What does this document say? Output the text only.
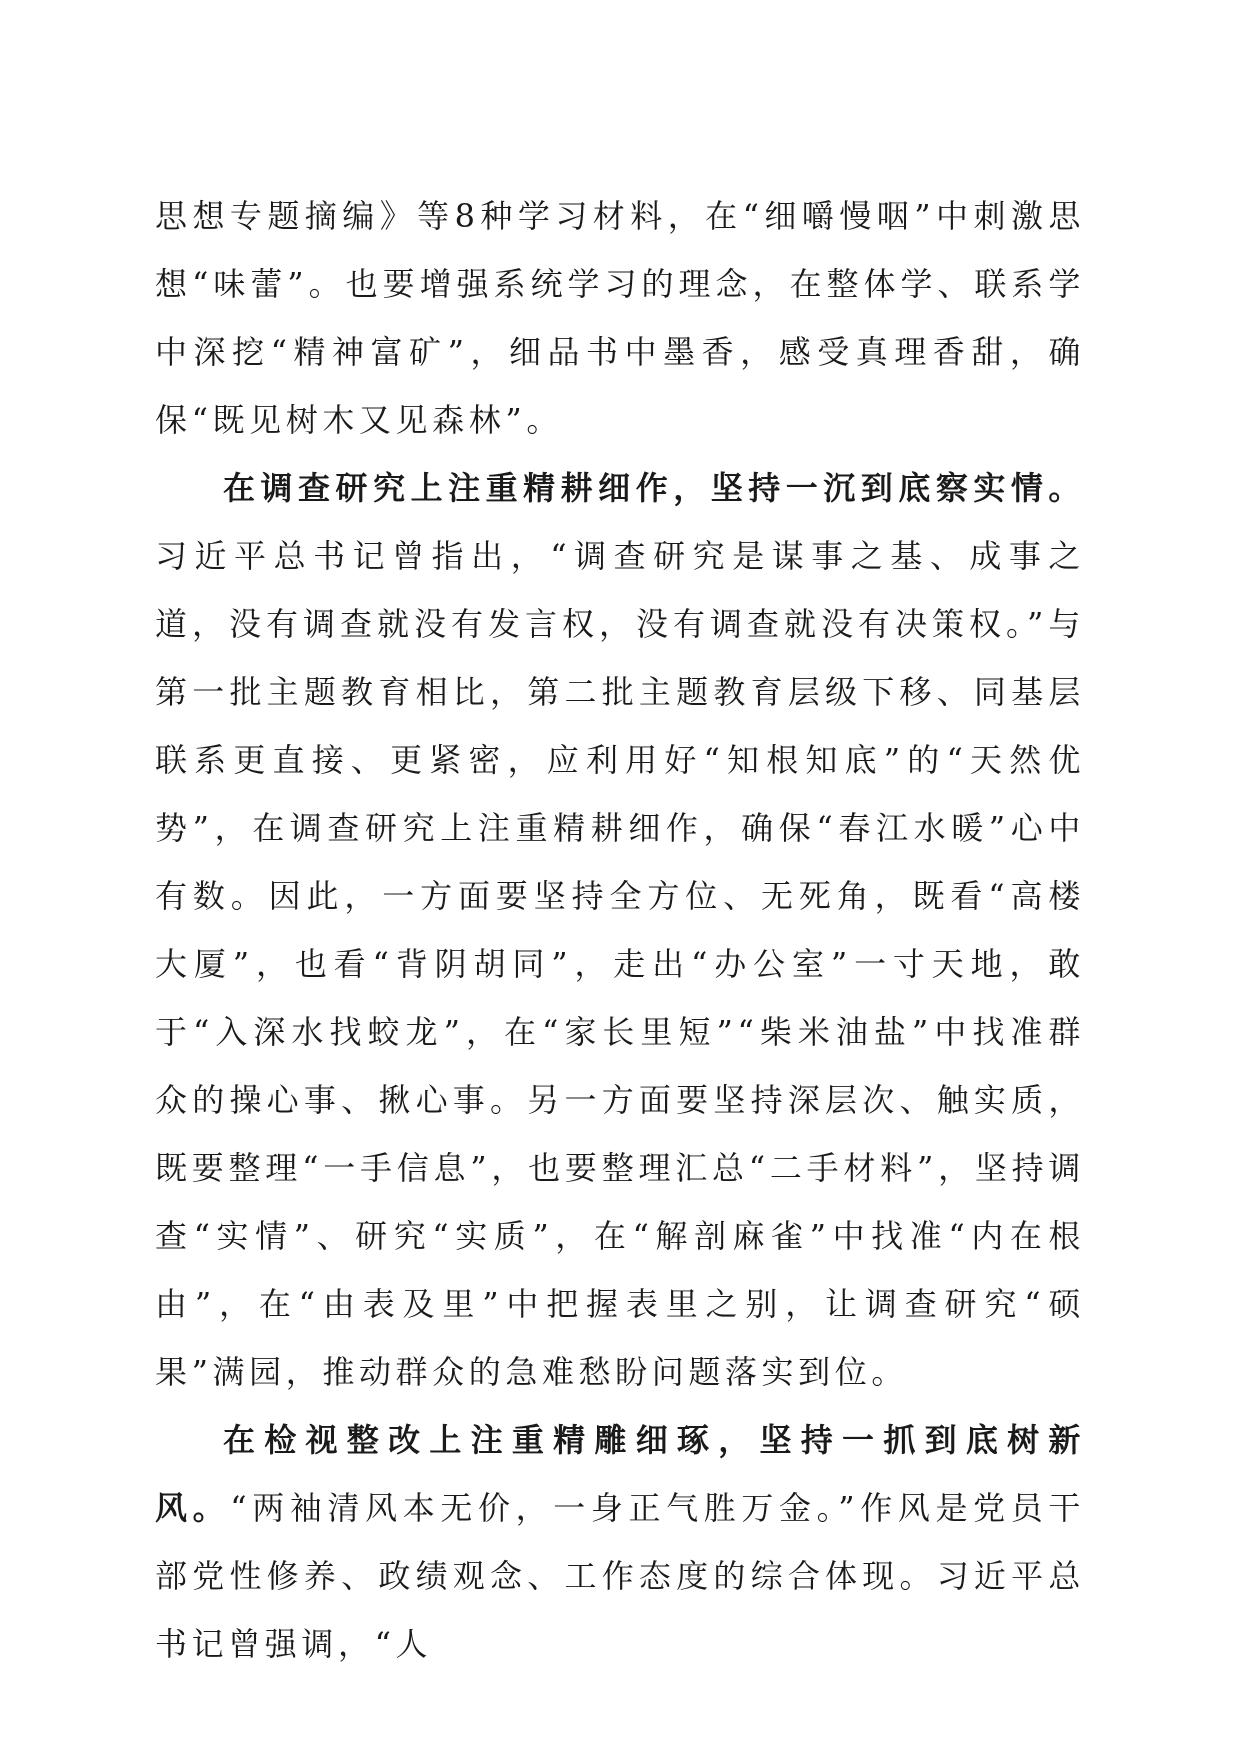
思想专题摘编》等8种学习材料，在“细嚼慢咽”中刺激思想“味蕾”。也要增强系统学习的理念，在整体学、联系学中深挖“精神富矿”，细品书中墨香，感受真理香甜，确保“既见树木又见森林”。

在调查研究上注重精耕细作，坚持一沉到底察实情。习近平总书记曾指出，“调查研究是谋事之基、成事之道，没有调查就没有发言权，没有调查就没有决策权。”与第一批主题教育相比，第二批主题教育层级下移、同基层联系更直接、更紧密，应利用好“知根知底”的“天然优势”，在调查研究上注重精耕细作，确保“春江水暖”心中有数。因此，一方面要坚持全方位、无死角，既看“高楼大厦”，也看“背阴胡同”，走出“办公室”一寸天地，敢于“入深水找蛟龙”，在“家长里短”“柴米油盐”中找准群众的操心事、揪心事。另一方面要坚持深层次、触实质，既要整理“一手信息”，也要整理汇总“二手材料”，坚持调查“实情”、研究“实质”，在“解剖麻雀”中找准“内在根由”，在“由表及里”中把握表里之别，让调查研究“硕果”满园，推动群众的急难愁盼问题落实到位。

在检视整改上注重精雕细琢，坚持一抓到底树新风。“两袖清风本无价，一身正气胜万金。”作风是党员干部党性修养、政绩观念、工作态度的综合体现。习近平总书记曾强调，“人
